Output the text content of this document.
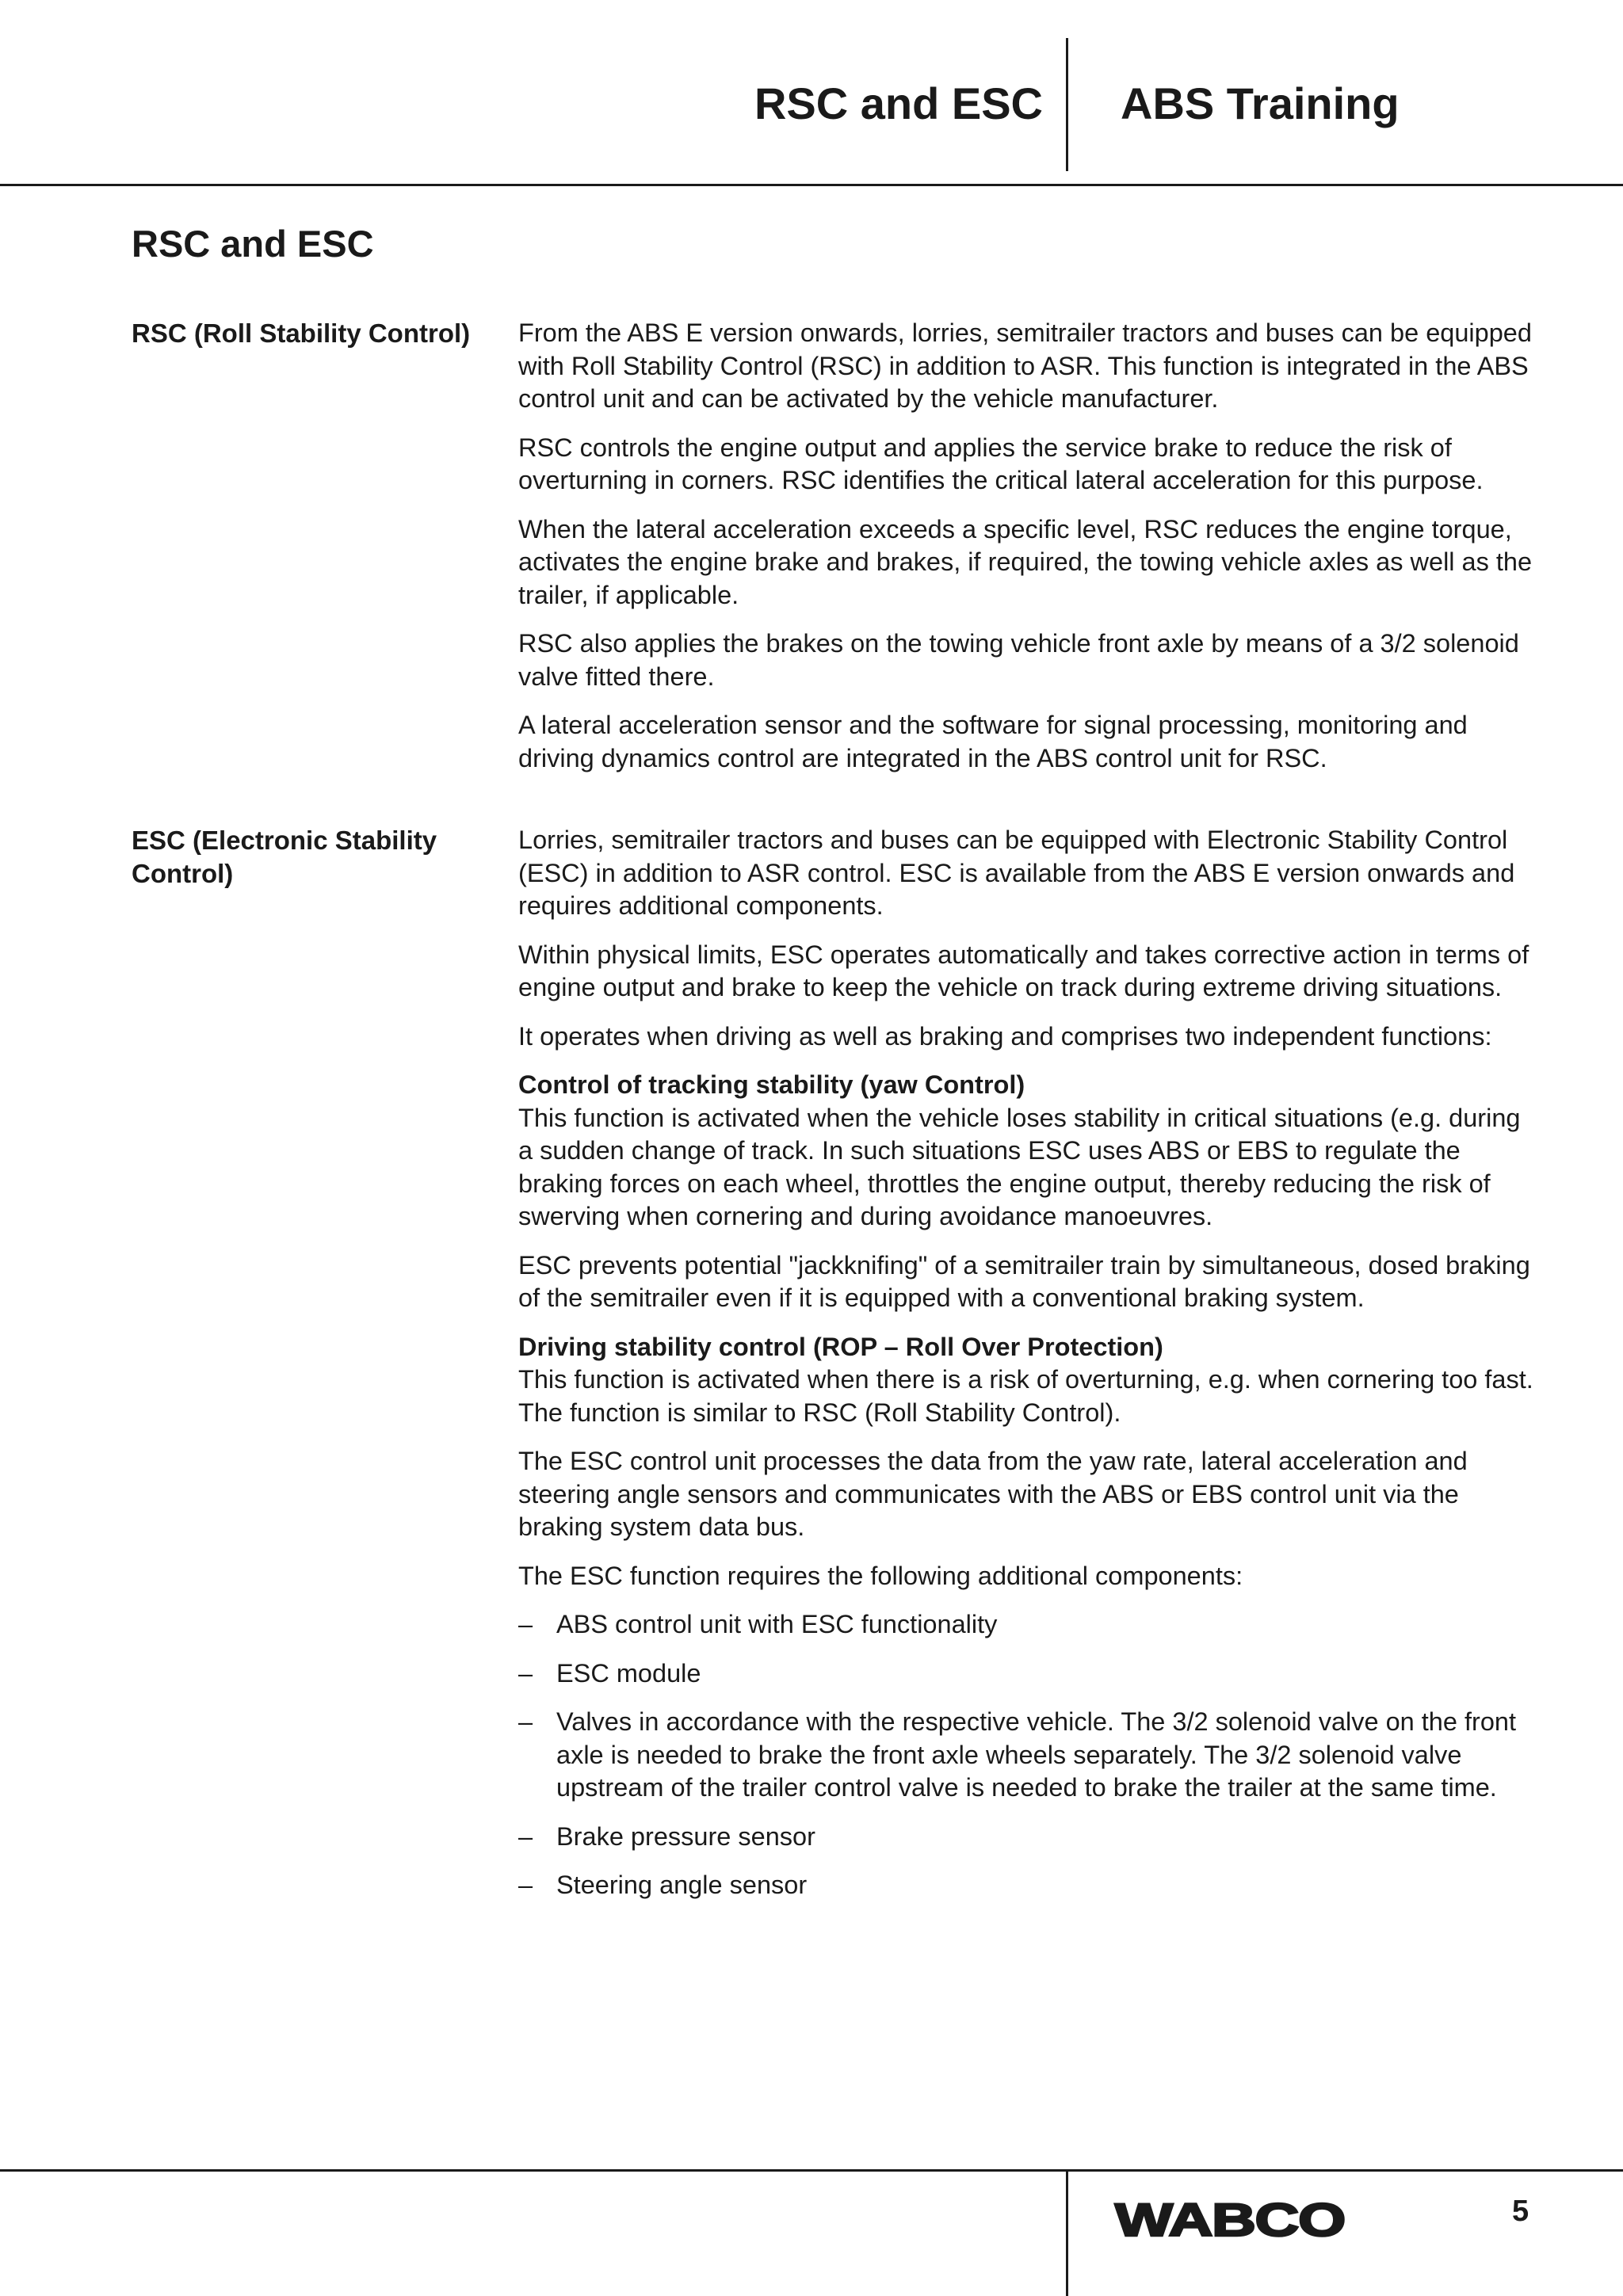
RSC and ESC ABS Training
RSC and ESC
RSC (Roll Stability Control)	From the ABS E version onwards, lorries, semitrailer tractors and buses can be equipped with Roll Stability Control (RSC) in addition to ASR. This function is integrated in the ABS control unit and can be activated by the vehicle manufacturer.

RSC controls the engine output and applies the service brake to reduce the risk of overturning in corners. RSC identifies the critical lateral acceleration for this purpose.

When the lateral acceleration exceeds a specific level, RSC reduces the engine torque, activates the engine brake and brakes, if required, the towing vehicle axles as well as the trailer, if applicable.

RSC also applies the brakes on the towing vehicle front axle by means of a 3/2 solenoid valve fitted there.

A lateral acceleration sensor and the software for signal processing, monitoring and driving dynamics control are integrated in the ABS control unit for RSC.

ESC (Electronic Stability Control)

Lorries, semitrailer tractors and buses can be equipped with Electronic Stability Control (ESC) in addition to ASR control. ESC is available from the ABS E version onwards and requires additional components.

Within physical limits, ESC operates automatically and takes corrective action in terms of engine output and brake to keep the vehicle on track during extreme driving situations.

It operates when driving as well as braking and comprises two independent functions:

Control of tracking stability (yaw Control)
This function is activated when the vehicle loses stability in critical situations (e.g. during a sudden change of track. In such situations ESC uses ABS or EBS to regulate the braking forces on each wheel, throttles the engine output, thereby reducing the risk of swerving when cornering and during avoidance manoeuvres.

ESC prevents potential "jackknifing" of a semitrailer train by simultaneous, dosed braking of the semitrailer even if it is equipped with a conventional braking system.

Driving stability control (ROP – Roll Over Protection)
This function is activated when there is a risk of overturning, e.g. when cornering too fast. The function is similar to RSC (Roll Stability Control).

The ESC control unit processes the data from the yaw rate, lateral acceleration and steering angle sensors and communicates with the ABS or EBS control unit via the braking system data bus.

The ESC function requires the following additional components:

– ABS control unit with ESC functionality
– ESC module
– Valves in accordance with the respective vehicle. The 3/2 solenoid valve on the front axle is needed to brake the front axle wheels separately. The 3/2 solenoid valve upstream of the trailer control valve is needed to brake the trailer at the same time.
– Brake pressure sensor
– Steering angle sensor
WABCO	5
